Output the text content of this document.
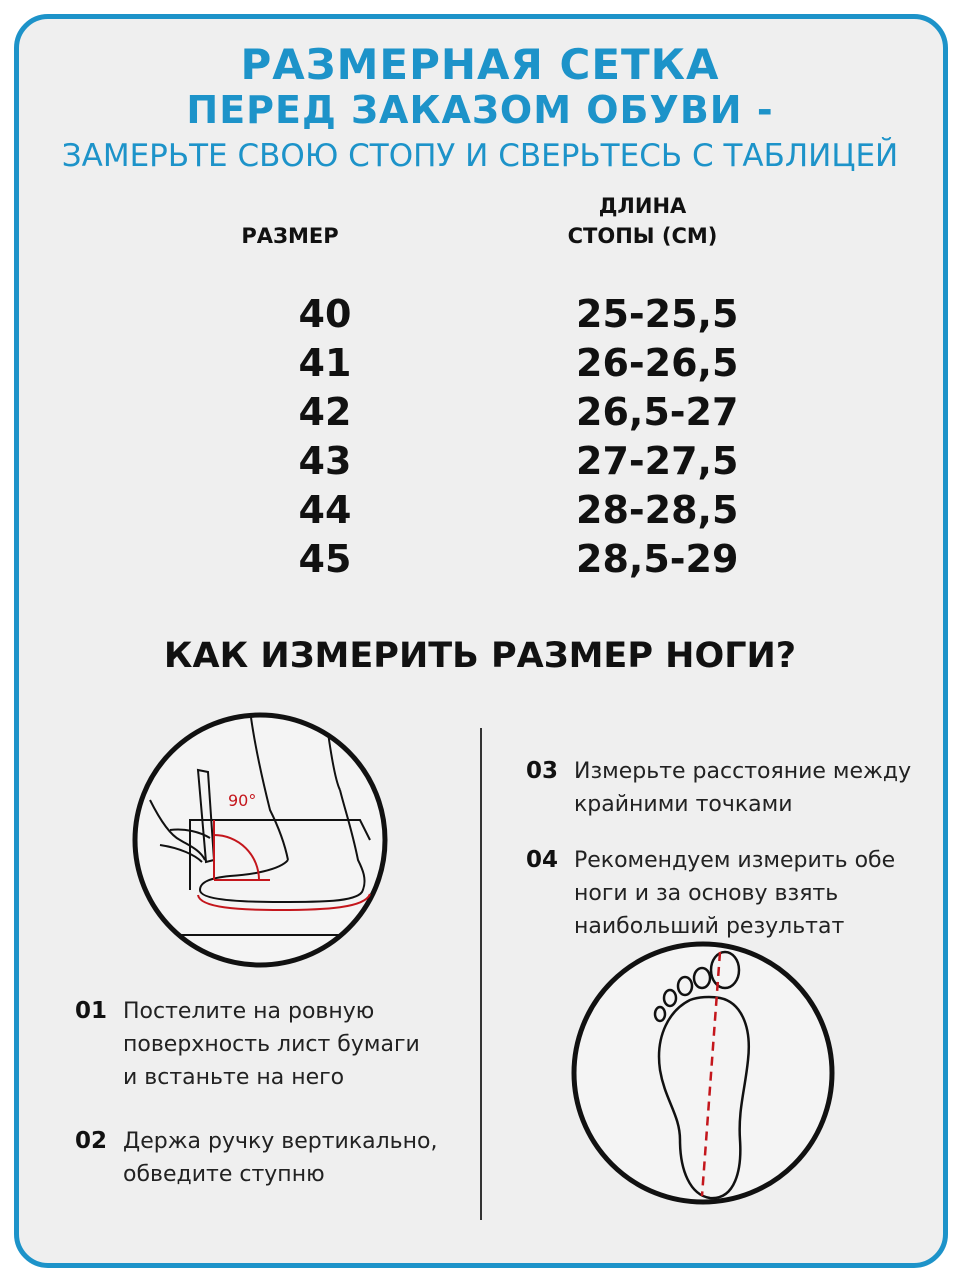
РАЗМЕРНАЯ СЕТКА
ПЕРЕД ЗАКАЗОМ ОБУВИ -
ЗАМЕРЬТЕ СВОЮ СТОПУ И СВЕРЬТЕСЬ С ТАБЛИЦЕЙ
РАЗМЕР
ДЛИНА
СТОПЫ (СМ)
40
41
42
43
44
45
25-25,5
26-26,5
26,5-27
27-27,5
28-28,5
28,5-29
КАК ИЗМЕРИТЬ РАЗМЕР НОГИ?
90°
01 Постелите на ровную
поверхность лист бумаги
и встаньте на него
02 Держа ручку вертикально,
обведите ступню
03 Измерьте расстояние между
крайними точками
04 Рекомендуем измерить обе
ноги и за основу взять
наибольший результат
